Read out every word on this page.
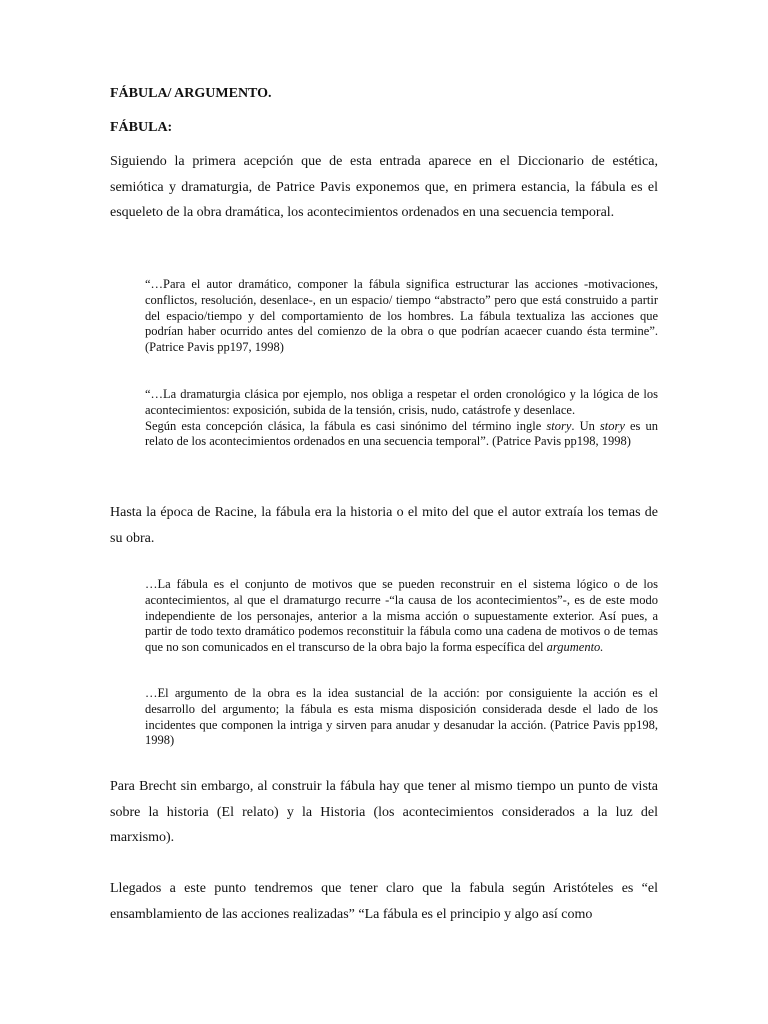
FÁBULA/ ARGUMENTO.
FÁBULA:

Siguiendo la primera acepción que de esta entrada aparece en el Diccionario de estética, semiótica y dramaturgia, de Patrice Pavis exponemos que, en primera estancia, la fábula es el esqueleto de la obra dramática, los acontecimientos ordenados en una secuencia temporal.

“…Para el autor dramático, componer la fábula significa estructurar las acciones -motivaciones, conflictos, resolución, desenlace-, en un espacio/ tiempo “abstracto” pero que está construido a partir del espacio/tiempo y del comportamiento de los hombres. La fábula textualiza las acciones que podrían haber ocurrido antes del comienzo de la obra o que podrían acaecer cuando ésta termine”.(Patrice Pavis pp197, 1998)

“…La dramaturgia clásica por ejemplo, nos obliga a respetar el orden cronológico y la lógica de los acontecimientos: exposición, subida de la tensión, crisis, nudo, catástrofe y desenlace.
Según esta concepción clásica, la fábula es casi sinónimo del término ingle story. Un story es un relato de los acontecimientos ordenados en una secuencia temporal”. (Patrice Pavis pp198, 1998)

Hasta la época de Racine, la fábula era la historia o el mito del que el autor extraía los temas de su obra.

…La fábula es el conjunto de motivos que se pueden reconstruir en el sistema lógico o de los acontecimientos, al que el dramaturgo recurre -“la causa de los acontecimientos”-, es de este modo independiente de los personajes, anterior a la misma acción o supuestamente exterior. Así pues, a partir de todo texto dramático podemos reconstituir la fábula como una cadena de motivos o de temas que no son comunicados en el transcurso de la obra bajo la forma específica del argumento.

…El argumento de la obra es la idea sustancial de la acción: por consiguiente la acción es el desarrollo del argumento; la fábula es esta misma disposición considerada desde el lado de los incidentes que componen la intriga y sirven para anudar y desanudar la acción. (Patrice Pavis pp198, 1998)

Para Brecht sin embargo, al construir la fábula hay que tener al mismo tiempo un punto de vista sobre la historia (El relato) y la Historia (los acontecimientos considerados a la luz del marxismo).

Llegados a este punto tendremos que tener claro que la fabula según Aristóteles es “el ensamblamiento de las acciones realizadas” “La fábula es el principio y algo así como
